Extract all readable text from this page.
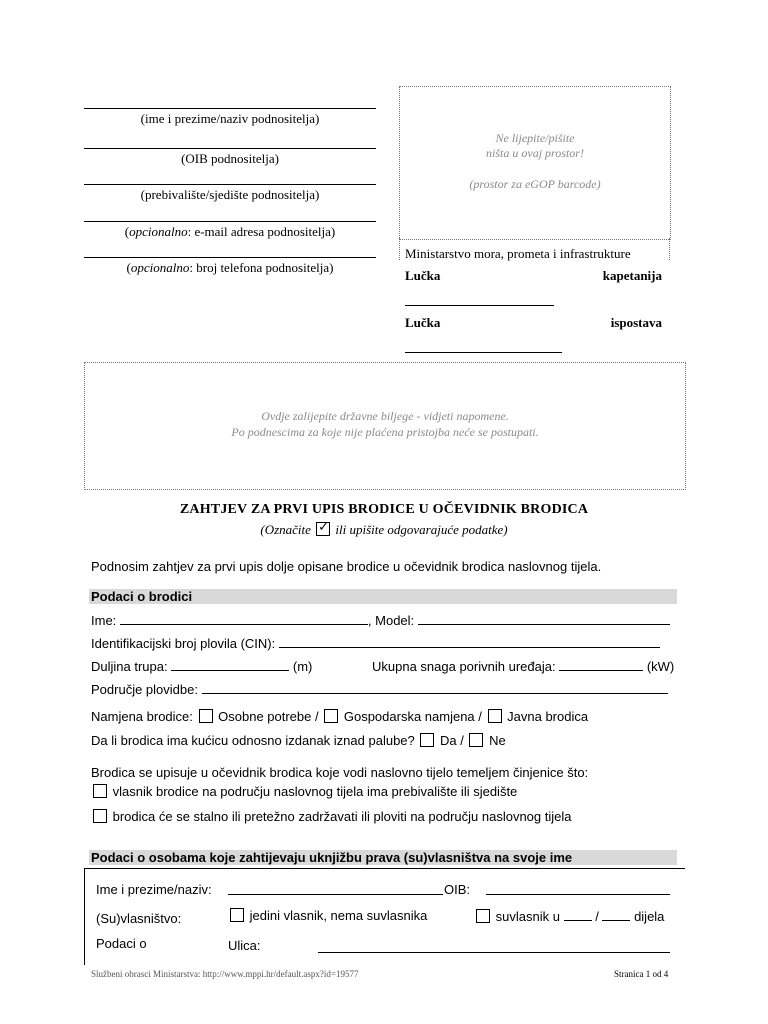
(ime i prezime/naziv podnositelja)
(OIB podnositelja)
(prebivalište/sjedište podnositelja)
(opcionalno: e-mail adresa podnositelja)
(opcionalno: broj telefona podnositelja)
Ne lijepite/pišite
ništa u ovaj prostor!
(prostor za eGOP barcode)
Ministarstvo mora, prometa i infrastrukture
Lučka	kapetanija
Lučka	ispostava
Ovdje zalijepite državne biljege - vidjeti napomene.
Po podnescima za koje nije plaćena pristojba neće se postupati.
ZAHTJEV ZA PRVI UPIS BRODICE U OČEVIDNIK BRODICA
(Označite ✓ ili upišite odgovarajuće podatke)
Podnosim zahtjev za prvi upis dolje opisane brodice u očevidnik brodica naslovnog tijela.
Podaci o brodici
Ime:	, Model:
Identifikacijski broj plovila (CIN):
Duljina trupa:	(m)	Ukupna snaga porivnih uređaja:	(kW)
Područje plovidbe:
Namjena brodice: Osobne potrebe / Gospodarska namjena / Javna brodica
Da li brodica ima kućicu odnosno izdanak iznad palube? Da / Ne
Brodica se upisuje u očevidnik brodica koje vodi naslovno tijelo temeljem činjenice što:
vlasnik brodice na području naslovnog tijela ima prebivalište ili sjedište
brodica će se stalno ili pretežno zadržavati ili ploviti na području naslovnog tijela
Podaci o osobama koje zahtijevaju uknjižbu prava (su)vlasništva na svoje ime
Ime i prezime/naziv:	OIB:
(Su)vlasništvo:	jedini vlasnik, nema suvlasnika	suvlasnik u	/	dijela
Podaci o	Ulica:
Službeni obrasci Ministarstva: http://www.mppi.hr/default.aspx?id=19577	Stranica 1 od 4
